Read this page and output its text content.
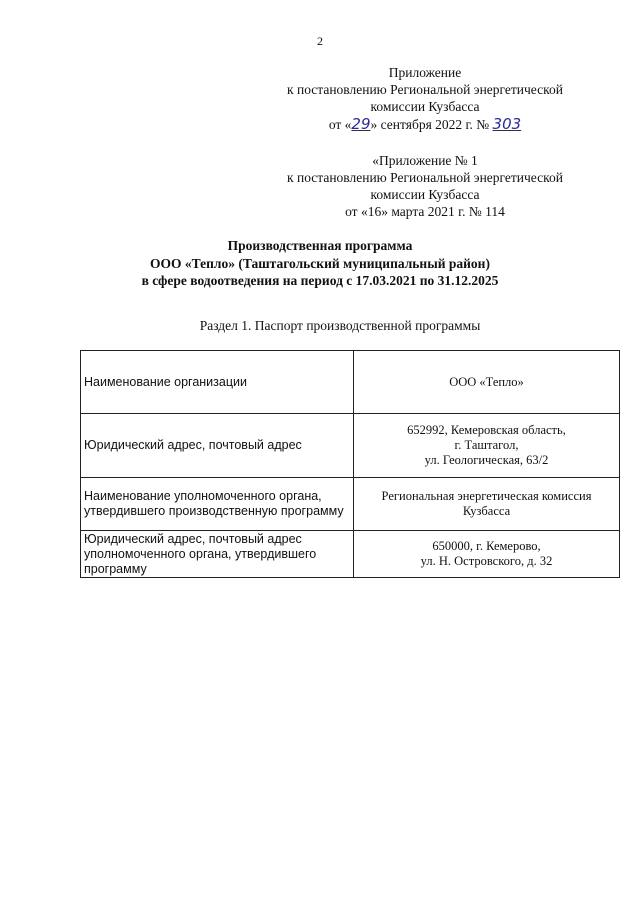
2
Приложение
к постановлению Региональной энергетической
комиссии Кузбасса
от «29» сентября 2022 г. № 303
«Приложение № 1
к постановлению Региональной энергетической
комиссии Кузбасса
от «16» марта 2021 г. № 114
Производственная программа
ООО «Тепло» (Таштагольский муниципальный район)
в сфере водоотведения на период с 17.03.2021 по 31.12.2025
Раздел 1. Паспорт производственной программы
Наименование организации	ООО «Тепло»

Юридический адрес, почтовый адрес	652992, Кемеровская область,
г. Таштагол,
ул. Геологическая, 63/2

Наименование уполномоченного органа, утвердившего производственную программу	Региональная энергетическая комиссия
Кузбасса

Юридический адрес, почтовый адрес уполномоченного органа, утвердившего программу	650000, г. Кемерово,
ул. Н. Островского, д. 32
